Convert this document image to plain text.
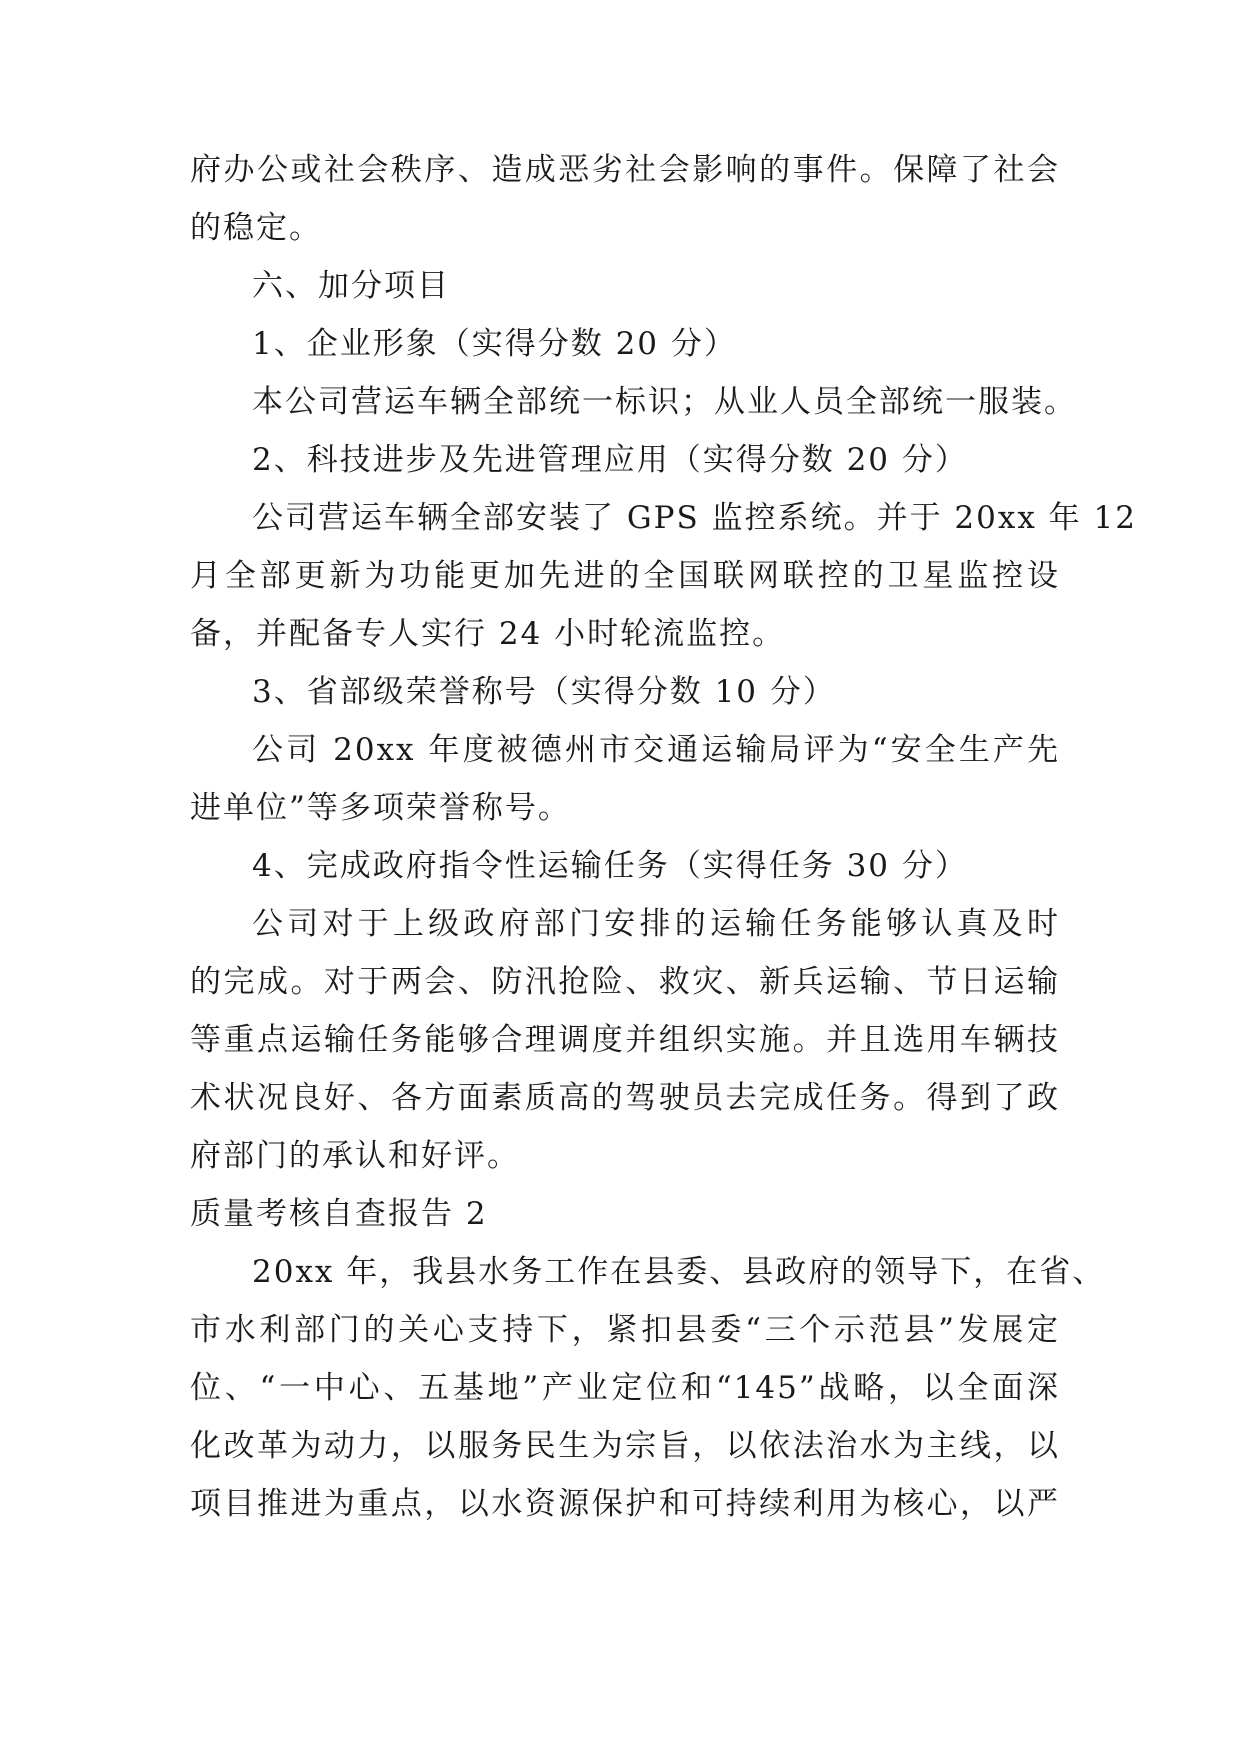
府办公或社会秩序、造成恶劣社会影响的事件。保障了社会
的稳定。
六、加分项目
1、企业形象（实得分数 20 分）
本公司营运车辆全部统一标识；从业人员全部统一服装。
2、科技进步及先进管理应用（实得分数 20 分）
公司营运车辆全部安装了 GPS 监控系统。并于 20xx 年 12
月全部更新为功能更加先进的全国联网联控的卫星监控设
备，并配备专人实行 24 小时轮流监控。
3、省部级荣誉称号（实得分数 10 分）
公司 20xx 年度被德州市交通运输局评为“安全生产先
进单位”等多项荣誉称号。
4、完成政府指令性运输任务（实得任务 30 分）
公司对于上级政府部门安排的运输任务能够认真及时
的完成。对于两会、防汛抢险、救灾、新兵运输、节日运输
等重点运输任务能够合理调度并组织实施。并且选用车辆技
术状况良好、各方面素质高的驾驶员去完成任务。得到了政
府部门的承认和好评。
质量考核自查报告 2
20xx 年，我县水务工作在县委、县政府的领导下，在省、
市水利部门的关心支持下，紧扣县委“三个示范县”发展定
位、“一中心、五基地”产业定位和“145”战略，以全面深
化改革为动力，以服务民生为宗旨，以依法治水为主线，以
项目推进为重点，以水资源保护和可持续利用为核心，以严
